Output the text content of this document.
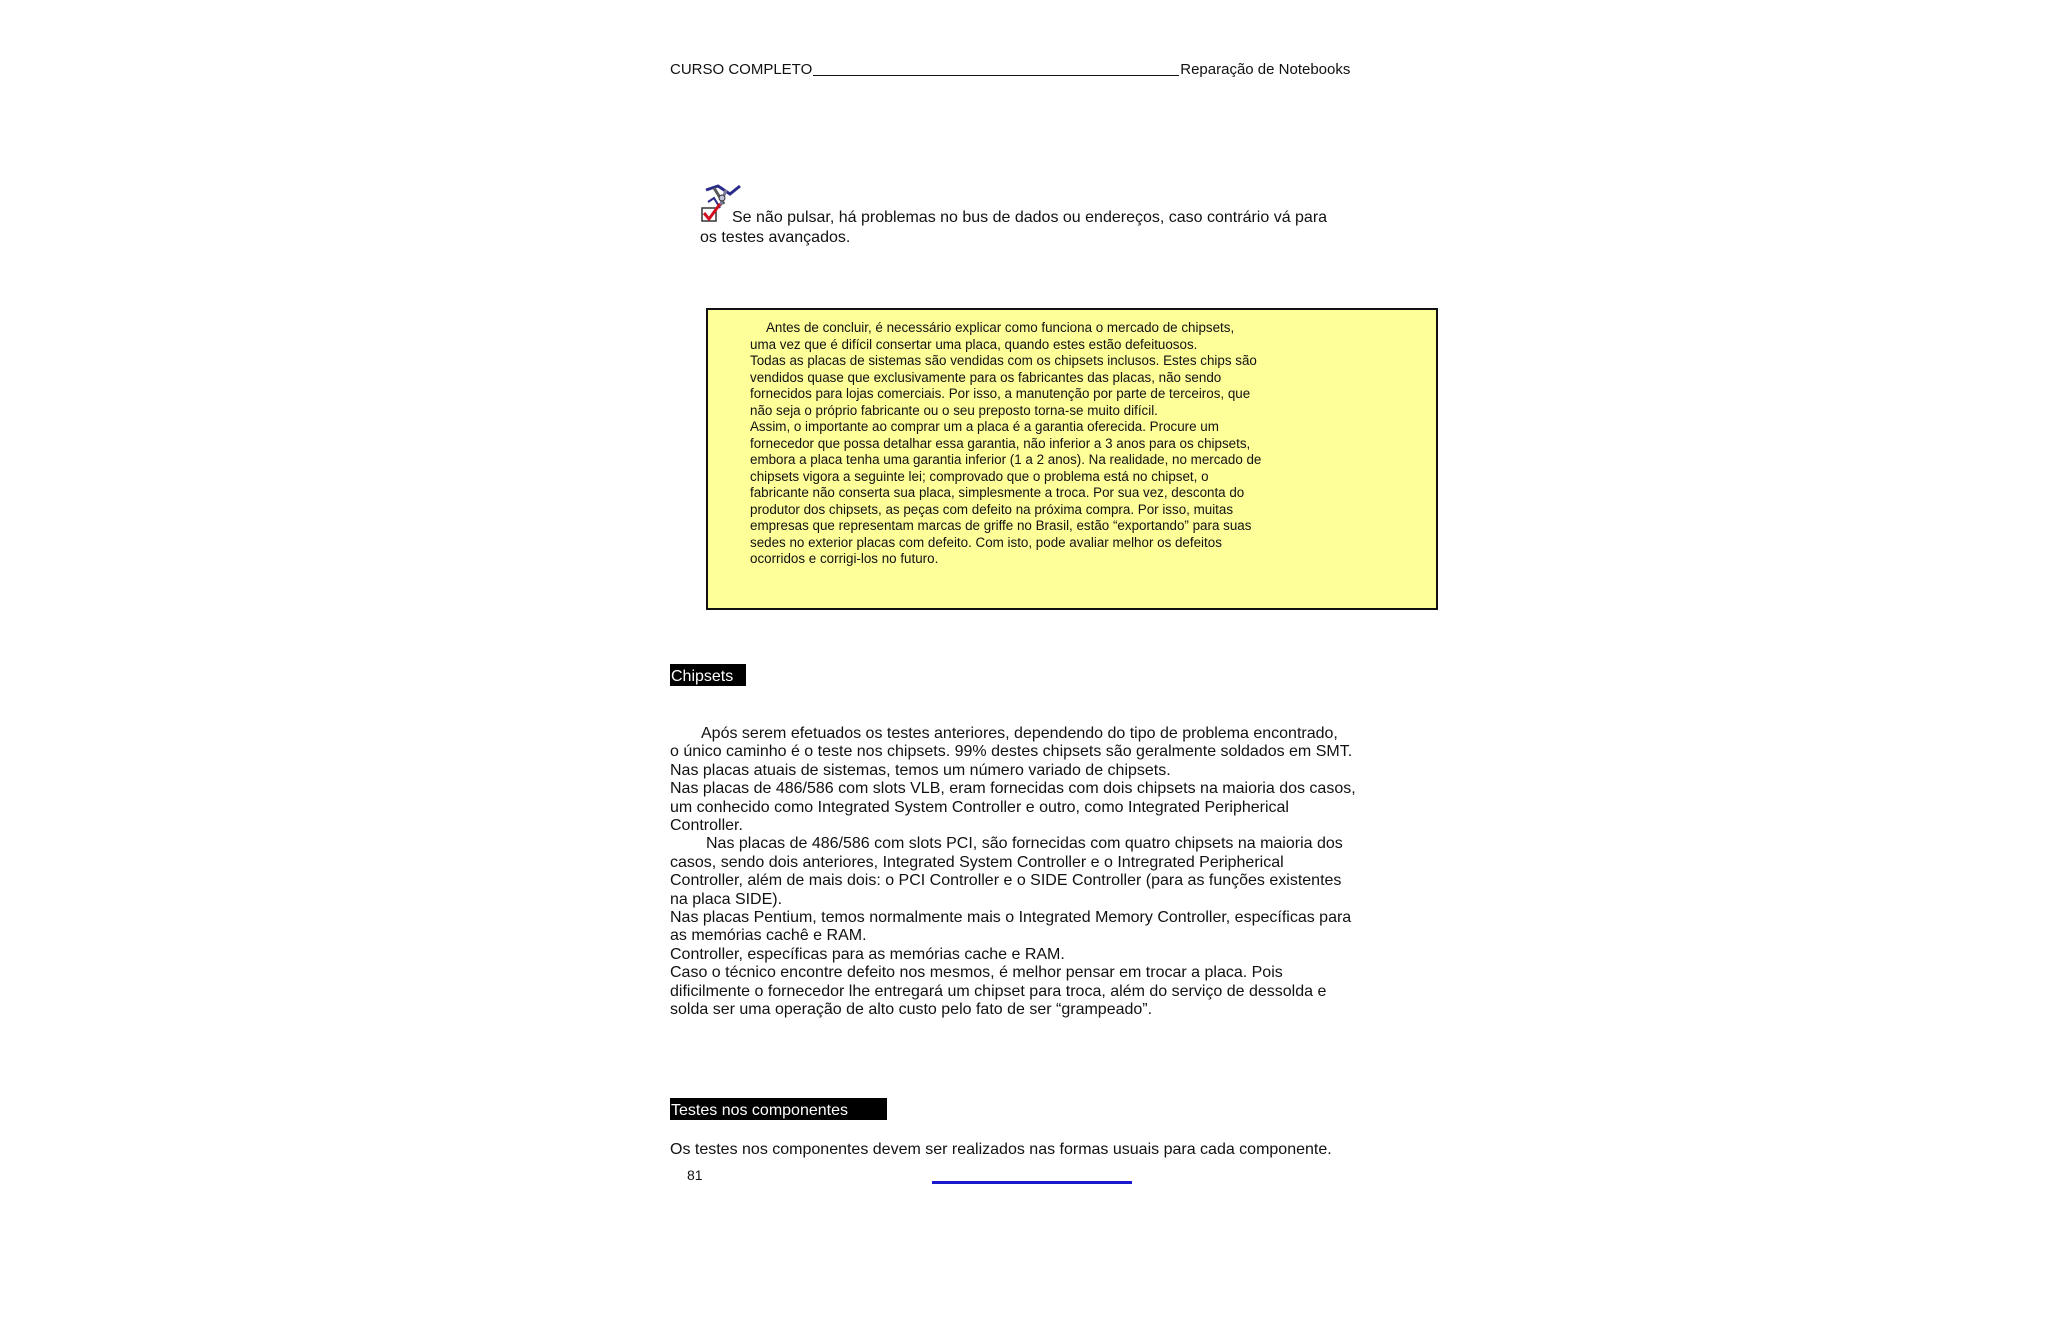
CURSO COMPLETO	Reparação de Notebooks
Se não pulsar, há problemas no bus de dados ou endereços, caso contrário vá para
os testes avançados.

Antes de concluir, é necessário explicar como funciona o mercado de chipsets,

uma vez que é difícil consertar uma placa, quando estes estão defeituosos.

Todas as placas de sistemas são vendidas com os chipsets inclusos. Estes chips são

vendidos quase que exclusivamente para os fabricantes das placas, não sendo

fornecidos para lojas comerciais. Por isso, a manutenção por parte de terceiros, que

não seja o próprio fabricante ou o seu preposto torna-se muito difícil.

Assim, o importante ao comprar um a placa é a garantia oferecida. Procure um

fornecedor que possa detalhar essa garantia, não inferior a 3 anos para os chipsets,

embora a placa tenha uma garantia inferior (1 a 2 anos). Na realidade, no mercado de

chipsets vigora a seguinte lei; comprovado que o problema está no chipset, o

fabricante não conserta sua placa, simplesmente a troca. Por sua vez, desconta do

produtor dos chipsets, as peças com defeito na próxima compra. Por isso, muitas

empresas que representam marcas de griffe no Brasil, estão “exportando” para suas

sedes no exterior placas com defeito. Com isto, pode avaliar melhor os defeitos

ocorridos e corrigi-los no futuro.

Chipsets

Após serem efetuados os testes anteriores, dependendo do tipo de problema encontrado,

o único caminho é o teste nos chipsets. 99% destes chipsets são geralmente soldados em SMT.

Nas placas atuais de sistemas, temos um número variado de chipsets.

Nas placas de 486/586 com slots VLB, eram fornecidas com dois chipsets na maioria dos casos,

um conhecido como Integrated System Controller e outro, como Integrated Peripherical

Controller.

Nas placas de 486/586 com slots PCI, são fornecidas com quatro chipsets na maioria dos

casos, sendo dois anteriores, Integrated System Controller e o Intregrated Peripherical

Controller, além de mais dois: o PCI Controller e o SIDE Controller (para as funções existentes

na placa SIDE).

Nas placas Pentium, temos normalmente mais o Integrated Memory Controller, específicas para

as memórias cachê e RAM.

Controller, específicas para as memórias cache e RAM.

Caso o técnico encontre defeito nos mesmos, é melhor pensar em trocar a placa. Pois

dificilmente o fornecedor lhe entregará um chipset para troca, além do serviço de dessolda e

solda ser uma operação de alto custo pelo fato de ser “grampeado”.

Testes nos componentes
Os testes nos componentes devem ser realizados nas formas usuais para cada componente.
81
